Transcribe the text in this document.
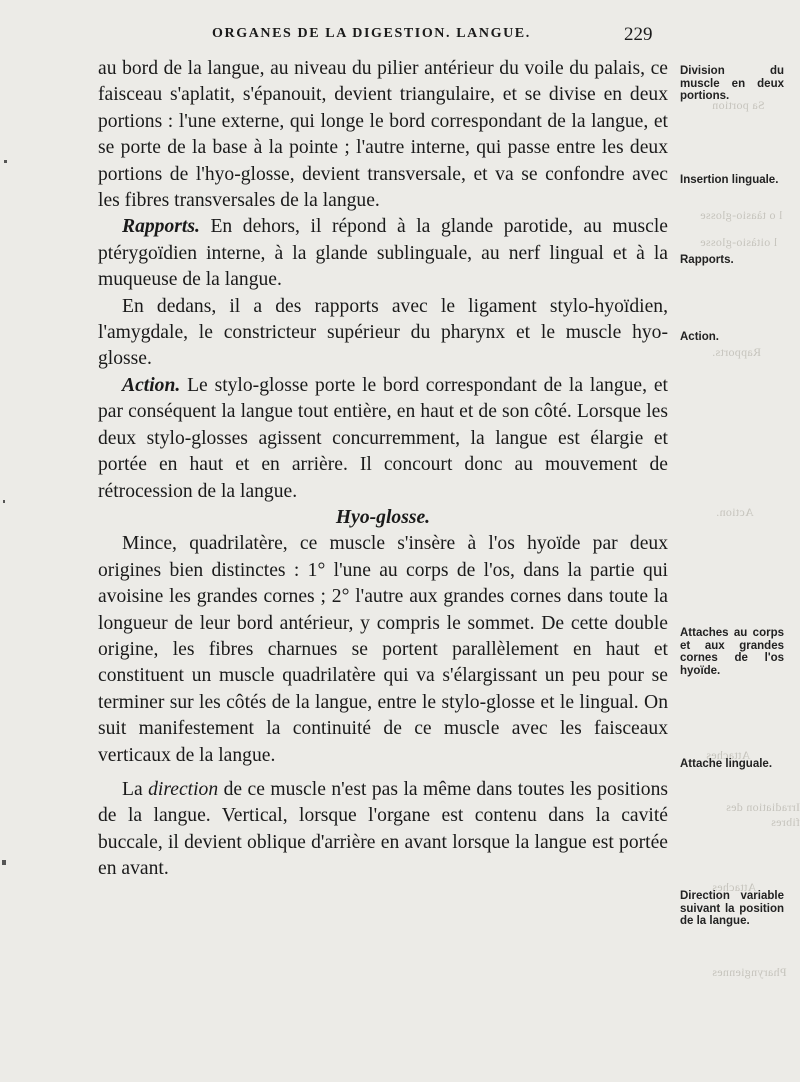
Sa portion
l o tàasio-glosse
l oitàsio-glosse
Rapports.
Action.
Attaches
Irradiation des fibres
Attaches
Pharyngiennes
ORGANES DE LA DIGESTION. LANGUE.	229

au bord de la langue, au niveau du pilier antérieur du voile du palais, ce faisceau s'aplatit, s'épanouit, devient triangulaire, et se divise en deux portions : l'une externe, qui longe le bord correspondant de la langue, et se porte de la base à la pointe ; l'autre interne, qui passe entre les deux portions de l'hyo-glosse, devient transversale, et va se confondre avec les fibres transversales de la langue.

Rapports. En dehors, il répond à la glande parotide, au muscle ptérygoïdien interne, à la glande sublinguale, au nerf lingual et à la muqueuse de la langue.

En dedans, il a des rapports avec le ligament stylo-hyoïdien, l'amygdale, le constricteur supérieur du pharynx et le muscle hyo-glosse.

Action. Le stylo-glosse porte le bord correspondant de la langue, et par conséquent la langue tout entière, en haut et de son côté. Lorsque les deux stylo-glosses agissent concurremment, la langue est élargie et portée en haut et en arrière. Il concourt donc au mouvement de rétrocession de la langue.

Hyo-glosse.

Mince, quadrilatère, ce muscle s'insère à l'os hyoïde par deux origines bien distinctes : 1° l'une au corps de l'os, dans la partie qui avoisine les grandes cornes ; 2° l'autre aux grandes cornes dans toute la longueur de leur bord antérieur, y compris le sommet. De cette double origine, les fibres charnues se portent parallèlement en haut et constituent un muscle quadrilatère qui va s'élargissant un peu pour se terminer sur les côtés de la langue, entre le stylo-glosse et le lingual. On suit manifestement la continuité de ce muscle avec les faisceaux verticaux de la langue.

La direction de ce muscle n'est pas la même dans toutes les positions de la langue. Vertical, lorsque l'organe est contenu dans la cavité buccale, il devient oblique d'arrière en avant lorsque la langue est portée en avant.

Division du muscle en deux portions.
Insertion linguale.
Rapports.
Action.
Attaches au corps et aux grandes cornes de l'os hyoïde.
Attache linguale.
Direction variable suivant la position de la langue.
